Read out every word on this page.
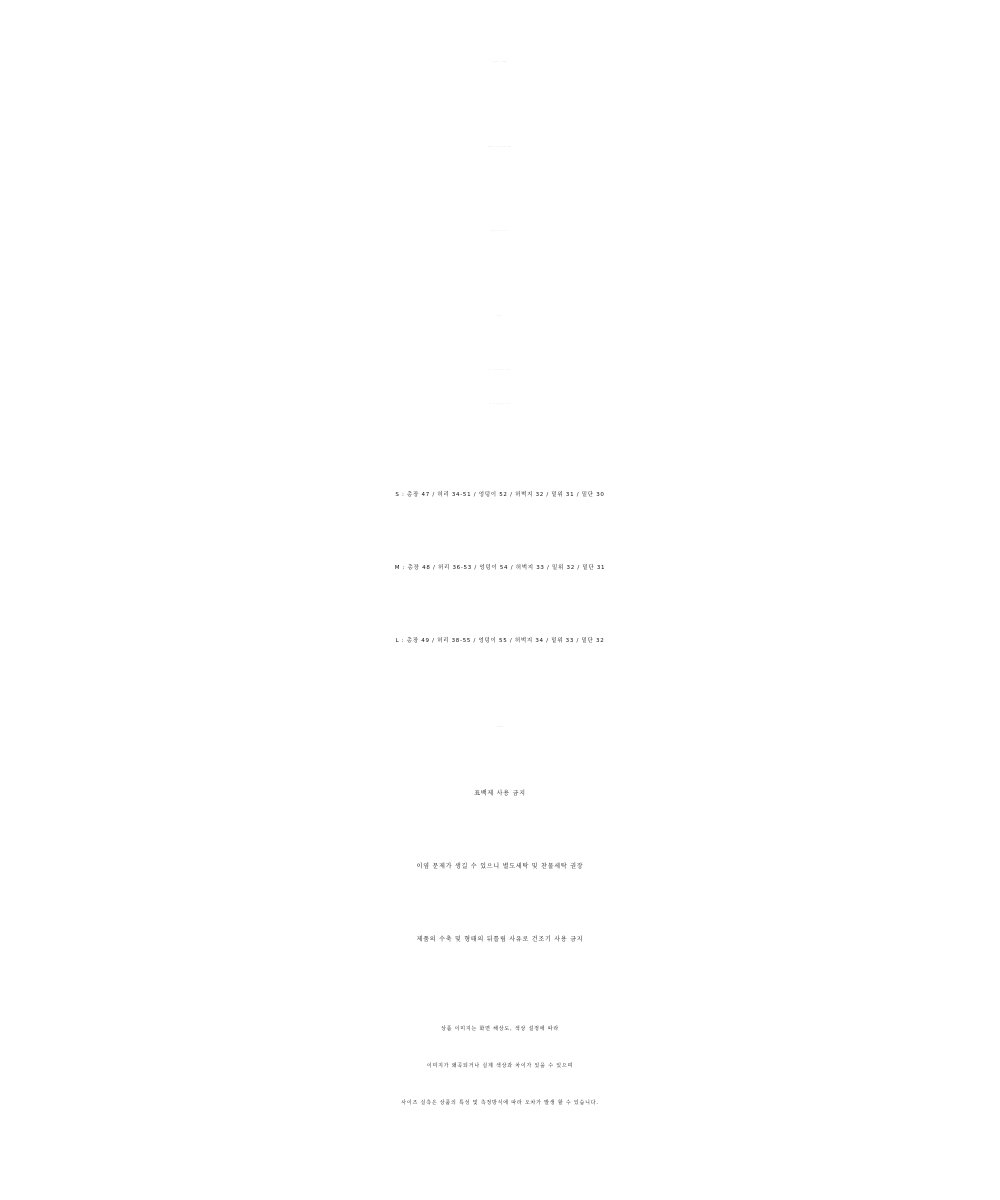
S : 총장 47 / 허리 34-51 / 엉덩이 52 / 허벅지 32 / 밑위 31 / 밑단 30
M : 총장 48 / 허리 36-53 / 엉덩이 54 / 허벅지 33 / 밑위 32 / 밑단 31
L : 총장 49 / 허리 38-55 / 엉덩이 55 / 허벅지 34 / 밑위 33 / 밑단 32
표백제 사용 금지
이염 문제가 생길 수 있으니 별도세탁 및 찬물세탁 권장
제품의 수축 및 형태의 뒤틀림 사유로 건조기 사용 금지
상품 이미지는 화면 해상도, 색상 설정에 따라
이미지가 왜곡되거나 실제 색상과 차이가 있을 수 있으며
사이즈 실측은 상품의 특성 및 측정방식에 따라 오차가 발생 할 수 있습니다.
